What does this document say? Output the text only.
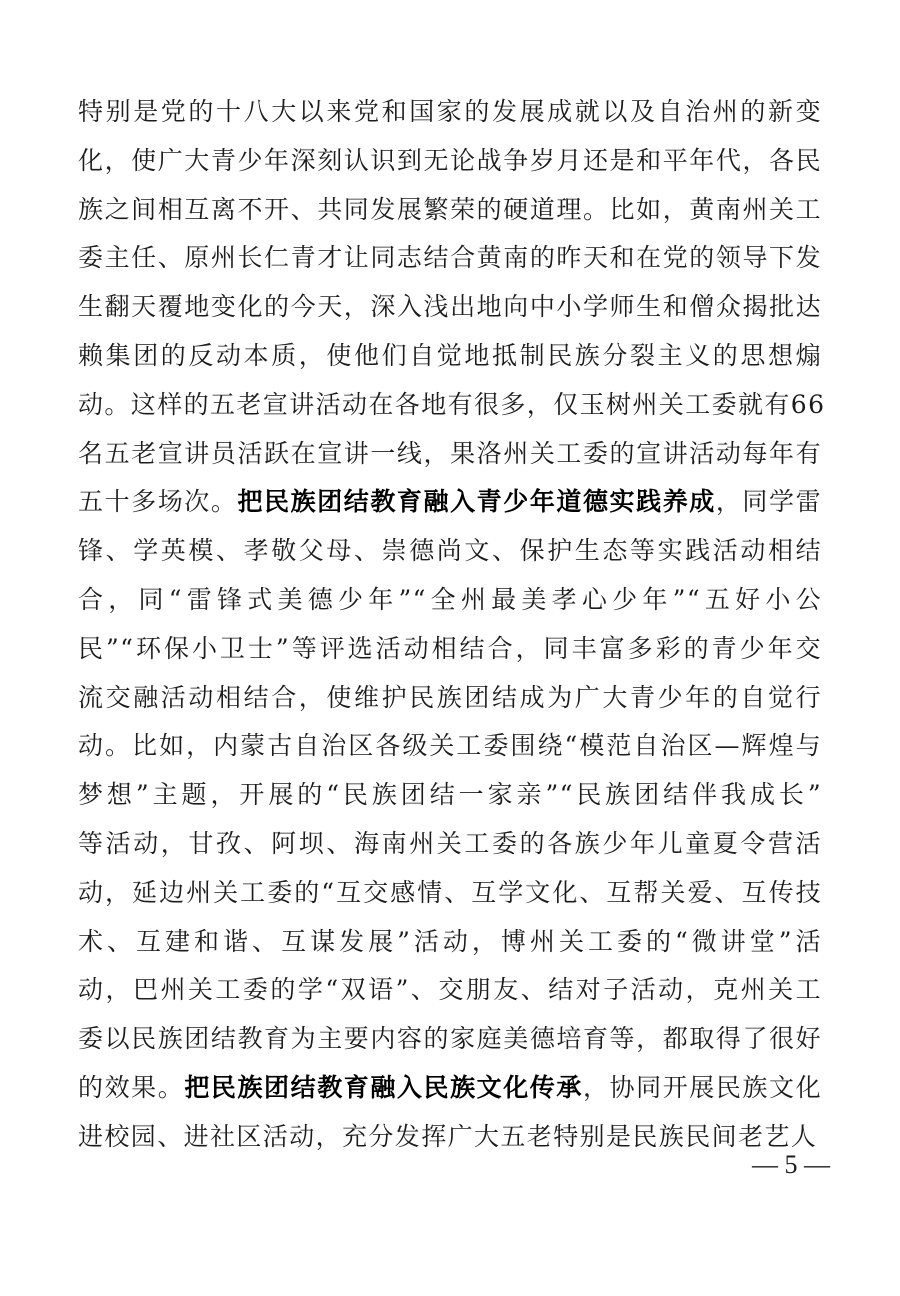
特别是党的十八大以来党和国家的发展成就以及自治州的新变
化，使广大青少年深刻认识到无论战争岁月还是和平年代，各民
族之间相互离不开、共同发展繁荣的硬道理。比如，黄南州关工
委主任、原州长仁青才让同志结合黄南的昨天和在党的领导下发
生翻天覆地变化的今天，深入浅出地向中小学师生和僧众揭批达
赖集团的反动本质，使他们自觉地抵制民族分裂主义的思想煽
动。这样的五老宣讲活动在各地有很多，仅玉树州关工委就有66
名五老宣讲员活跃在宣讲一线，果洛州关工委的宣讲活动每年有
五十多场次。把民族团结教育融入青少年道德实践养成，同学雷
锋、学英模、孝敬父母、崇德尚文、保护生态等实践活动相结
合，同“雷锋式美德少年”“全州最美孝心少年”“五好小公
民”“环保小卫士”等评选活动相结合，同丰富多彩的青少年交
流交融活动相结合，使维护民族团结成为广大青少年的自觉行
动。比如，内蒙古自治区各级关工委围绕“模范自治区—辉煌与
梦想”主题，开展的“民族团结一家亲”“民族团结伴我成长”
等活动，甘孜、阿坝、海南州关工委的各族少年儿童夏令营活
动，延边州关工委的“互交感情、互学文化、互帮关爱、互传技
术、互建和谐、互谋发展”活动，博州关工委的“微讲堂”活
动，巴州关工委的学“双语”、交朋友、结对子活动，克州关工
委以民族团结教育为主要内容的家庭美德培育等，都取得了很好
的效果。把民族团结教育融入民族文化传承，协同开展民族文化
进校园、进社区活动，充分发挥广大五老特别是民族民间老艺人
— 5 —
